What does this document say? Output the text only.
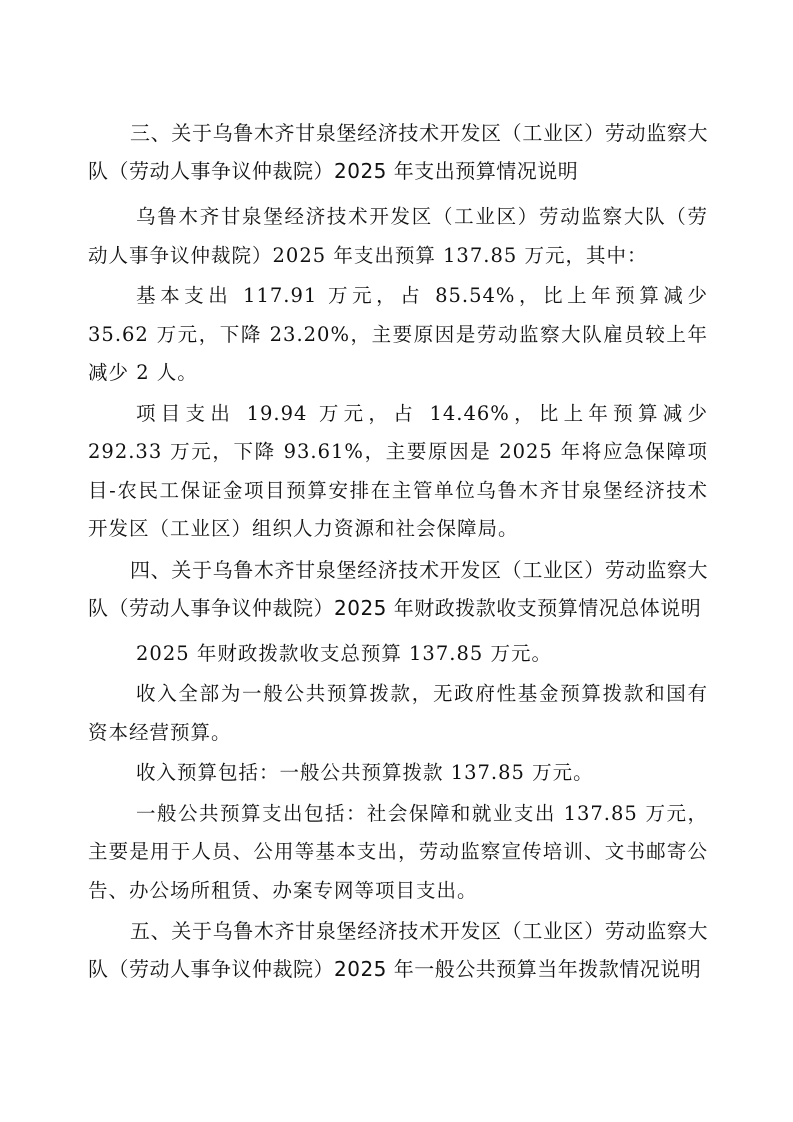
三、关于乌鲁木齐甘泉堡经济技术开发区（工业区）劳动监察大队（劳动人事争议仲裁院）2025 年支出预算情况说明

乌鲁木齐甘泉堡经济技术开发区（工业区）劳动监察大队（劳动人事争议仲裁院）2025 年支出预算 137.85 万元，其中：

基本支出 117.91 万元，占 85.54%，比上年预算减少 35.62 万元，下降 23.20%，主要原因是劳动监察大队雇员较上年减少 2 人。

项目支出 19.94 万元，占 14.46%，比上年预算减少 292.33 万元，下降 93.61%，主要原因是 2025 年将应急保障项目-农民工保证金项目预算安排在主管单位乌鲁木齐甘泉堡经济技术开发区（工业区）组织人力资源和社会保障局。

四、关于乌鲁木齐甘泉堡经济技术开发区（工业区）劳动监察大队（劳动人事争议仲裁院）2025 年财政拨款收支预算情况总体说明

2025 年财政拨款收支总预算 137.85 万元。

收入全部为一般公共预算拨款，无政府性基金预算拨款和国有资本经营预算。

收入预算包括：一般公共预算拨款 137.85 万元。

一般公共预算支出包括：社会保障和就业支出 137.85 万元，主要是用于人员、公用等基本支出，劳动监察宣传培训、文书邮寄公告、办公场所租赁、办案专网等项目支出。

五、关于乌鲁木齐甘泉堡经济技术开发区（工业区）劳动监察大队（劳动人事争议仲裁院）2025 年一般公共预算当年拨款情况说明
